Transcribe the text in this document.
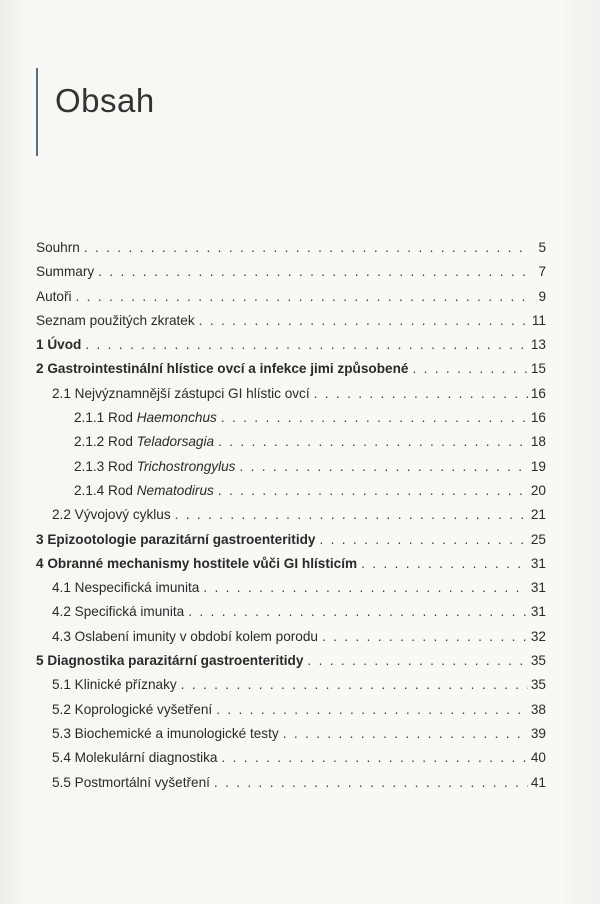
Obsah
Souhrn . . .	5
Summary . . .	7
Autoři . . .	9
Seznam použitých zkratek . . .	11
1 Úvod . . .	13
2 Gastrointestinální hlístice ovcí a infekce jimi způsobené . . .	15
2.1 Nejvýznamnější zástupci GI hlístic ovcí . . .	16
2.1.1 Rod Haemonchus . . .	16
2.1.2 Rod Teladorsagia . . .	18
2.1.3 Rod Trichostrongylus . . .	19
2.1.4 Rod Nematodirus . . .	20
2.2 Vývojový cyklus . . .	21
3 Epizootologie parazitární gastroenteritidy . . .	25
4 Obranné mechanismy hostitele vůči GI hlísticím . . .	31
4.1 Nespecifická imunita . . .	31
4.2 Specifická imunita . . .	31
4.3 Oslabení imunity v období kolem porodu . . .	32
5 Diagnostika parazitární gastroenteritidy . . .	35
5.1 Klinické příznaky . . .	35
5.2 Koprologické vyšetření . . .	38
5.3 Biochemické a imunologické testy . . .	39
5.4 Molekulární diagnostika . . .	40
5.5 Postmortální vyšetření . . .	41
